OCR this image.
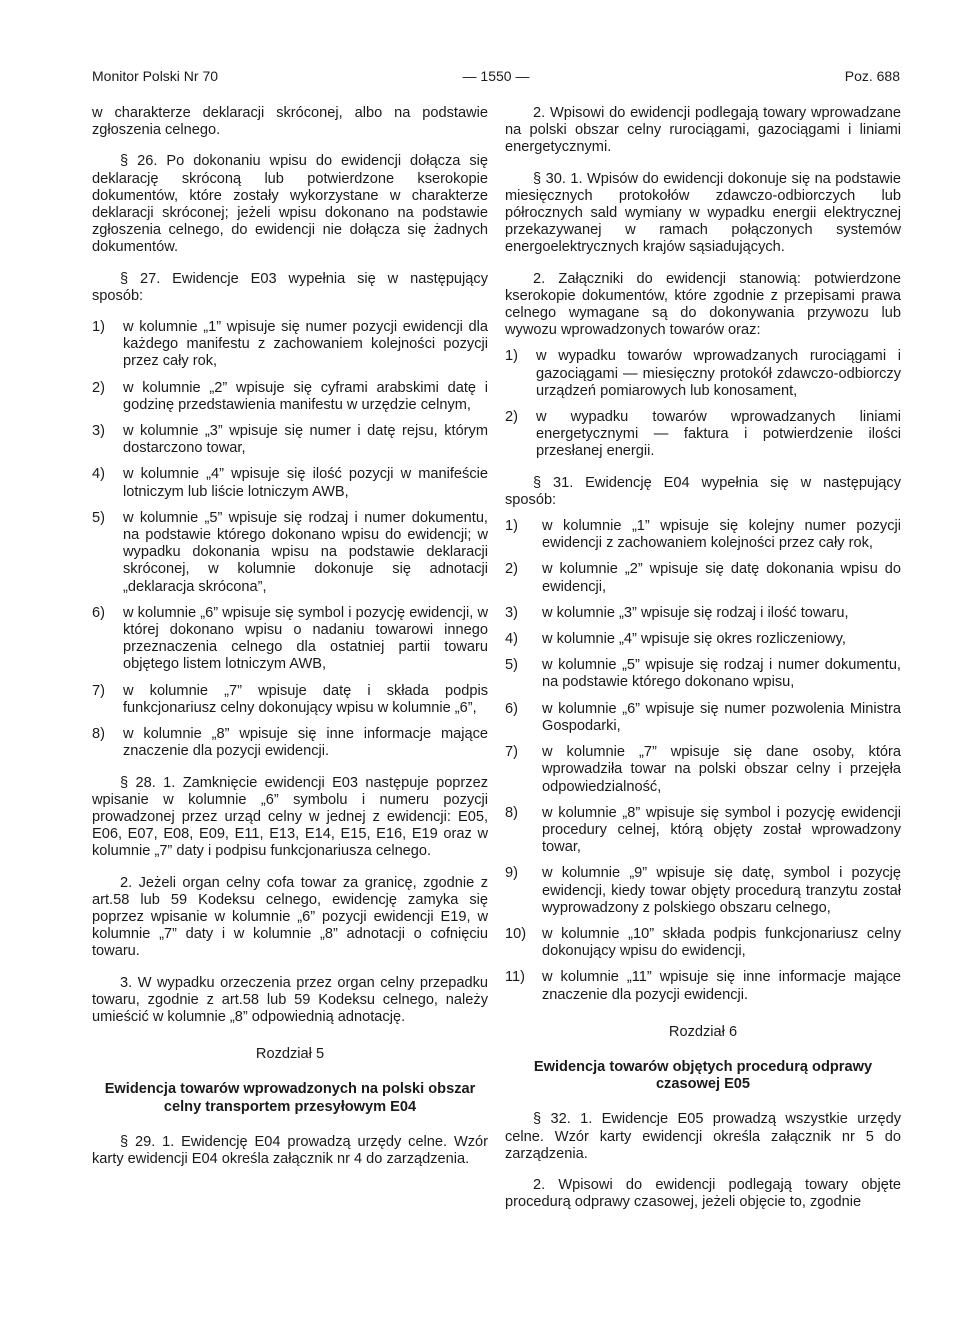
Monitor Polski Nr 70	— 1550 —	Poz. 688

w charakterze deklaracji skróconej, albo na podstawie zgłoszenia celnego.

§ 26. Po dokonaniu wpisu do ewidencji dołącza się deklarację skróconą lub potwierdzone kserokopie dokumentów, które zostały wykorzystane w charakterze deklaracji skróconej; jeżeli wpisu dokonano na podstawie zgłoszenia celnego, do ewidencji nie dołącza się żadnych dokumentów.

§ 27. Ewidencje E03 wypełnia się w następujący sposób:

1) w kolumnie „1” wpisuje się numer pozycji ewidencji dla każdego manifestu z zachowaniem kolejności pozycji przez cały rok,
2) w kolumnie „2” wpisuje się cyframi arabskimi datę i godzinę przedstawienia manifestu w urzędzie celnym,
3) w kolumnie „3” wpisuje się numer i datę rejsu, którym dostarczono towar,
4) w kolumnie „4” wpisuje się ilość pozycji w manifeście lotniczym lub liście lotniczym AWB,
5) w kolumnie „5” wpisuje się rodzaj i numer dokumentu, na podstawie którego dokonano wpisu do ewidencji; w wypadku dokonania wpisu na podstawie deklaracji skróconej, w kolumnie dokonuje się adnotacji „deklaracja skrócona”,
6) w kolumnie „6” wpisuje się symbol i pozycję ewidencji, w której dokonano wpisu o nadaniu towarowi innego przeznaczenia celnego dla ostatniej partii towaru objętego listem lotniczym AWB,
7) w kolumnie „7” wpisuje datę i składa podpis funkcjonariusz celny dokonujący wpisu w kolumnie „6”,
8) w kolumnie „8” wpisuje się inne informacje mające znaczenie dla pozycji ewidencji.

§ 28. 1. Zamknięcie ewidencji E03 następuje poprzez wpisanie w kolumnie „6” symbolu i numeru pozycji prowadzonej przez urząd celny w jednej z ewidencji: E05, E06, E07, E08, E09, E11, E13, E14, E15, E16, E19 oraz w kolumnie „7” daty i podpisu funkcjonariusza celnego.

2. Jeżeli organ celny cofa towar za granicę, zgodnie z art.58 lub 59 Kodeksu celnego, ewidencję zamyka się poprzez wpisanie w kolumnie „6” pozycji ewidencji E19, w kolumnie „7” daty i w kolumnie „8” adnotacji o cofnięciu towaru.

3. W wypadku orzeczenia przez organ celny przepadku towaru, zgodnie z art.58 lub 59 Kodeksu celnego, należy umieścić w kolumnie „8” odpowiednią adnotację.

Rozdział 5
Ewidencja towarów wprowadzonych na polski obszar celny transportem przesyłowym E04

§ 29. 1. Ewidencję E04 prowadzą urzędy celne. Wzór karty ewidencji E04 określa załącznik nr 4 do zarządzenia.

2. Wpisowi do ewidencji podlegają towary wprowadzane na polski obszar celny rurociągami, gazociągami i liniami energetycznymi.

§ 30. 1. Wpisów do ewidencji dokonuje się na podstawie miesięcznych protokołów zdawczo-odbiorczych lub półrocznych sald wymiany w wypadku energii elektrycznej przekazywanej w ramach połączonych systemów energoelektrycznych krajów sąsiadujących.

2. Załączniki do ewidencji stanowią: potwierdzone kserokopie dokumentów, które zgodnie z przepisami prawa celnego wymagane są do dokonywania przywozu lub wywozu wprowadzonych towarów oraz:

1) w wypadku towarów wprowadzanych rurociągami i gazociągami — miesięczny protokół zdawczo-odbiorczy urządzeń pomiarowych lub konosament,
2) w wypadku towarów wprowadzanych liniami energetycznymi — faktura i potwierdzenie ilości przesłanej energii.

§ 31. Ewidencję E04 wypełnia się w następujący sposób:

1) w kolumnie „1” wpisuje się kolejny numer pozycji ewidencji z zachowaniem kolejności przez cały rok,
2) w kolumnie „2” wpisuje się datę dokonania wpisu do ewidencji,
3) w kolumnie „3” wpisuje się rodzaj i ilość towaru,
4) w kolumnie „4” wpisuje się okres rozliczeniowy,
5) w kolumnie „5” wpisuje się rodzaj i numer dokumentu, na podstawie którego dokonano wpisu,
6) w kolumnie „6” wpisuje się numer pozwolenia Ministra Gospodarki,
7) w kolumnie „7” wpisuje się dane osoby, która wprowadziła towar na polski obszar celny i przejęła odpowiedzialność,
8) w kolumnie „8” wpisuje się symbol i pozycję ewidencji procedury celnej, którą objęty został wprowadzony towar,
9) w kolumnie „9” wpisuje się datę, symbol i pozycję ewidencji, kiedy towar objęty procedurą tranzytu został wyprowadzony z polskiego obszaru celnego,
10) w kolumnie „10” składa podpis funkcjonariusz celny dokonujący wpisu do ewidencji,
11) w kolumnie „11” wpisuje się inne informacje mające znaczenie dla pozycji ewidencji.
Rozdział 6
Ewidencja towarów objętych procedurą odprawy czasowej E05

§ 32. 1. Ewidencje E05 prowadzą wszystkie urzędy celne. Wzór karty ewidencji określa załącznik nr 5 do zarządzenia.

2. Wpisowi do ewidencji podlegają towary objęte procedurą odprawy czasowej, jeżeli objęcie to, zgodnie
